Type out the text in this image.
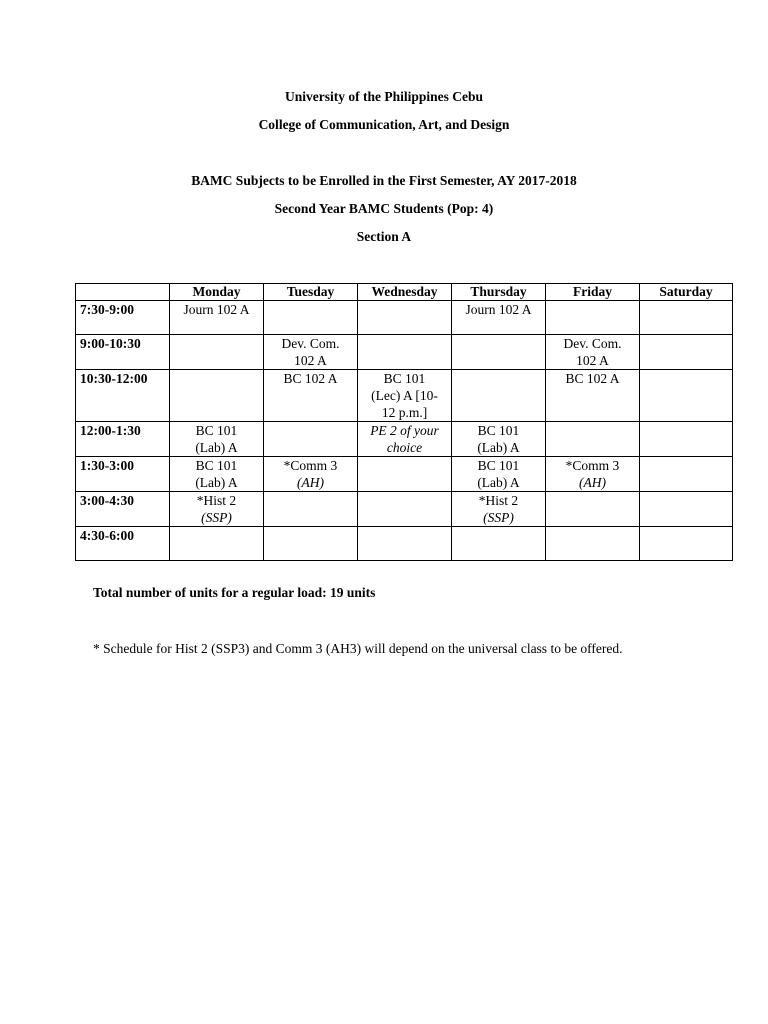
University of the Philippines Cebu
College of Communication, Art, and Design
BAMC Subjects to be Enrolled in the First Semester, AY 2017-2018
Second Year BAMC Students (Pop: 4)
Section A
	Monday	Tuesday	Wednesday	Thursday	Friday	Saturday
7:30-9:00	Journ 102 A			Journ 102 A		

9:00-10:30		Dev. Com.
102 A			Dev. Com.
102 A	

10:30-12:00		BC 102 A	BC 101
(Lec) A [10-
12 p.m.]		BC 102 A	

12:00-1:30	BC 101
(Lab) A		PE 2 of your
choice	BC 101
(Lab) A		

1:30-3:00	BC 101
(Lab) A	*Comm 3
(AH)		BC 101
(Lab) A	*Comm 3
(AH)	

3:00-4:30	*Hist 2
(SSP)			*Hist 2
(SSP)		

4:30-6:00						
Total number of units for a regular load: 19 units
* Schedule for Hist 2 (SSP3) and Comm 3 (AH3) will depend on the universal class to be offered.
